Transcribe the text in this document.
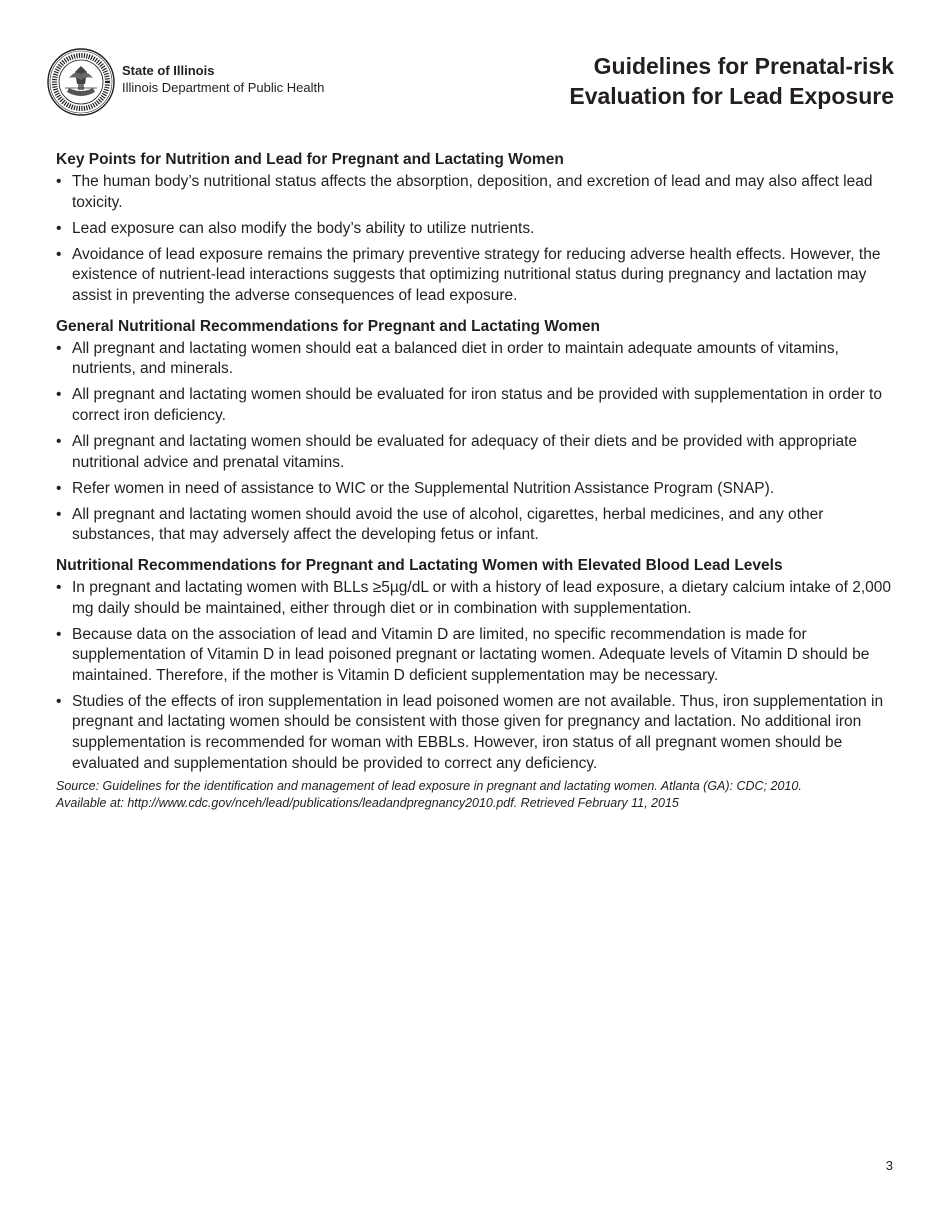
State of Illinois
Illinois Department of Public Health
Guidelines for Prenatal-risk
Evaluation for Lead Exposure
Key Points for Nutrition and Lead for Pregnant and Lactating Women
• The human body’s nutritional status affects the absorption, deposition, and excretion of lead and may also affect lead toxicity.
• Lead exposure can also modify the body’s ability to utilize nutrients.
• Avoidance of lead exposure remains the primary preventive strategy for reducing adverse health effects. However, the existence of nutrient-lead interactions suggests that optimizing nutritional status during pregnancy and lactation may assist in preventing the adverse consequences of lead exposure.
General Nutritional Recommendations for Pregnant and Lactating Women
• All pregnant and lactating women should eat a balanced diet in order to maintain adequate amounts of vitamins, nutrients, and minerals.
• All pregnant and lactating women should be evaluated for iron status and be provided with supplementation in order to correct iron deficiency.
• All pregnant and lactating women should be evaluated for adequacy of their diets and be provided with appropriate nutritional advice and prenatal vitamins.
• Refer women in need of assistance to WIC or the Supplemental Nutrition Assistance Program (SNAP).
• All pregnant and lactating women should avoid the use of alcohol, cigarettes, herbal medicines, and any other substances, that may adversely affect the developing fetus or infant.
Nutritional Recommendations for Pregnant and Lactating Women with Elevated Blood Lead Levels
• In pregnant and lactating women with BLLs ≥5µg/dL or with a history of lead exposure, a dietary calcium intake of 2,000 mg daily should be maintained, either through diet or in combination with supplementation.
• Because data on the association of lead and Vitamin D are limited, no specific recommendation is made for supplementation of Vitamin D in lead poisoned pregnant or lactating women. Adequate levels of Vitamin D should be maintained. Therefore, if the mother is Vitamin D deficient supplementation may be necessary.
• Studies of the effects of iron supplementation in lead poisoned women are not available. Thus, iron supplementation in pregnant and lactating women should be consistent with those given for pregnancy and lactation. No additional iron supplementation is recommended for woman with EBBLs. However, iron status of all pregnant women should be evaluated and supplementation should be provided to correct any deficiency.
Source: Guidelines for the identification and management of lead exposure in pregnant and lactating women. Atlanta (GA): CDC; 2010.
Available at: http://www.cdc.gov/nceh/lead/publications/leadandpregnancy2010.pdf. Retrieved February 11, 2015
3
